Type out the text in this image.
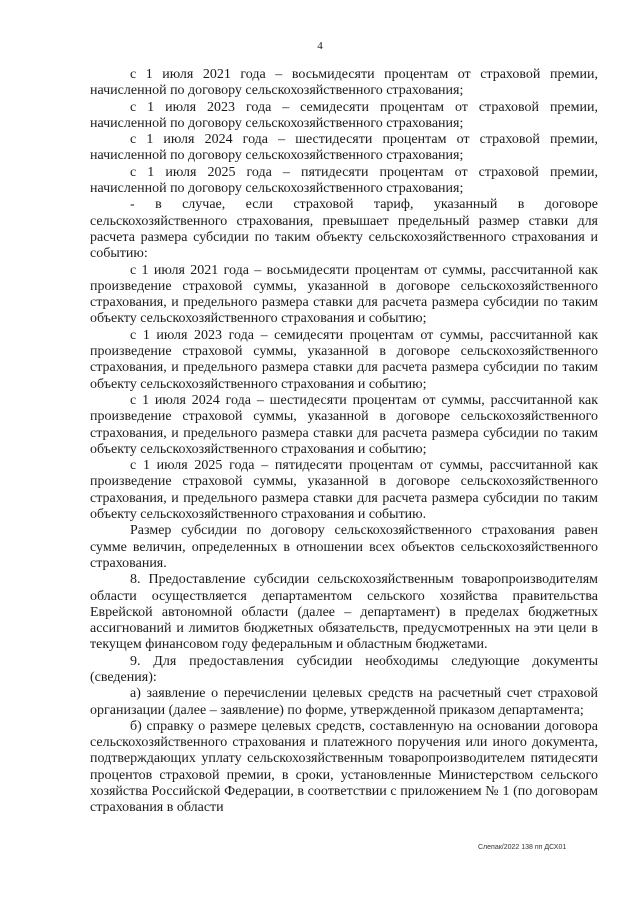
4

с 1 июля 2021 года – восьмидесяти процентам от страховой премии, начисленной по договору сельскохозяйственного страхования;

с 1 июля 2023 года – семидесяти процентам от страховой премии, начисленной по договору сельскохозяйственного страхования;

с 1 июля 2024 года – шестидесяти процентам от страховой премии, начисленной по договору сельскохозяйственного страхования;

с 1 июля 2025 года – пятидесяти процентам от страховой премии, начисленной по договору сельскохозяйственного страхования;

- в случае, если страховой тариф, указанный в договоре сельскохозяйственного страхования, превышает предельный размер ставки для расчета размера субсидии по таким объекту сельскохозяйственного страхования и событию:

с 1 июля 2021 года – восьмидесяти процентам от суммы, рассчитанной как произведение страховой суммы, указанной в договоре сельскохозяйственного страхования, и предельного размера ставки для расчета размера субсидии по таким объекту сельскохозяйственного страхования и событию;

с 1 июля 2023 года – семидесяти процентам от суммы, рассчитанной как произведение страховой суммы, указанной в договоре сельскохозяйственного страхования, и предельного размера ставки для расчета размера субсидии по таким объекту сельскохозяйственного страхования и событию;

с 1 июля 2024 года – шестидесяти процентам от суммы, рассчитанной как произведение страховой суммы, указанной в договоре сельскохозяйственного страхования, и предельного размера ставки для расчета размера субсидии по таким объекту сельскохозяйственного страхования и событию;

с 1 июля 2025 года – пятидесяти процентам от суммы, рассчитанной как произведение страховой суммы, указанной в договоре сельскохозяйственного страхования, и предельного размера ставки для расчета размера субсидии по таким объекту сельскохозяйственного страхования и событию.

Размер субсидии по договору сельскохозяйственного страхования равен сумме величин, определенных в отношении всех объектов сельскохозяйственного страхования.

8. Предоставление субсидии сельскохозяйственным товаропроизводителям области осуществляется департаментом сельского хозяйства правительства Еврейской автономной области (далее – департамент) в пределах бюджетных ассигнований и лимитов бюджетных обязательств, предусмотренных на эти цели в текущем финансовом году федеральным и областным бюджетами.

9. Для предоставления субсидии необходимы следующие документы (сведения):

а) заявление о перечислении целевых средств на расчетный счет страховой организации (далее – заявление) по форме, утвержденной приказом департамента;

б) справку о размере целевых средств, составленную на основании договора сельскохозяйственного страхования и платежного поручения или иного документа, подтверждающих уплату сельскохозяйственным товаропроизводителем пятидесяти процентов страховой премии, в сроки, установленные Министерством сельского хозяйства Российской Федерации, в соответствии с приложением № 1 (по договорам страхования в области

Слепак/2022 138 пп ДСХ01
